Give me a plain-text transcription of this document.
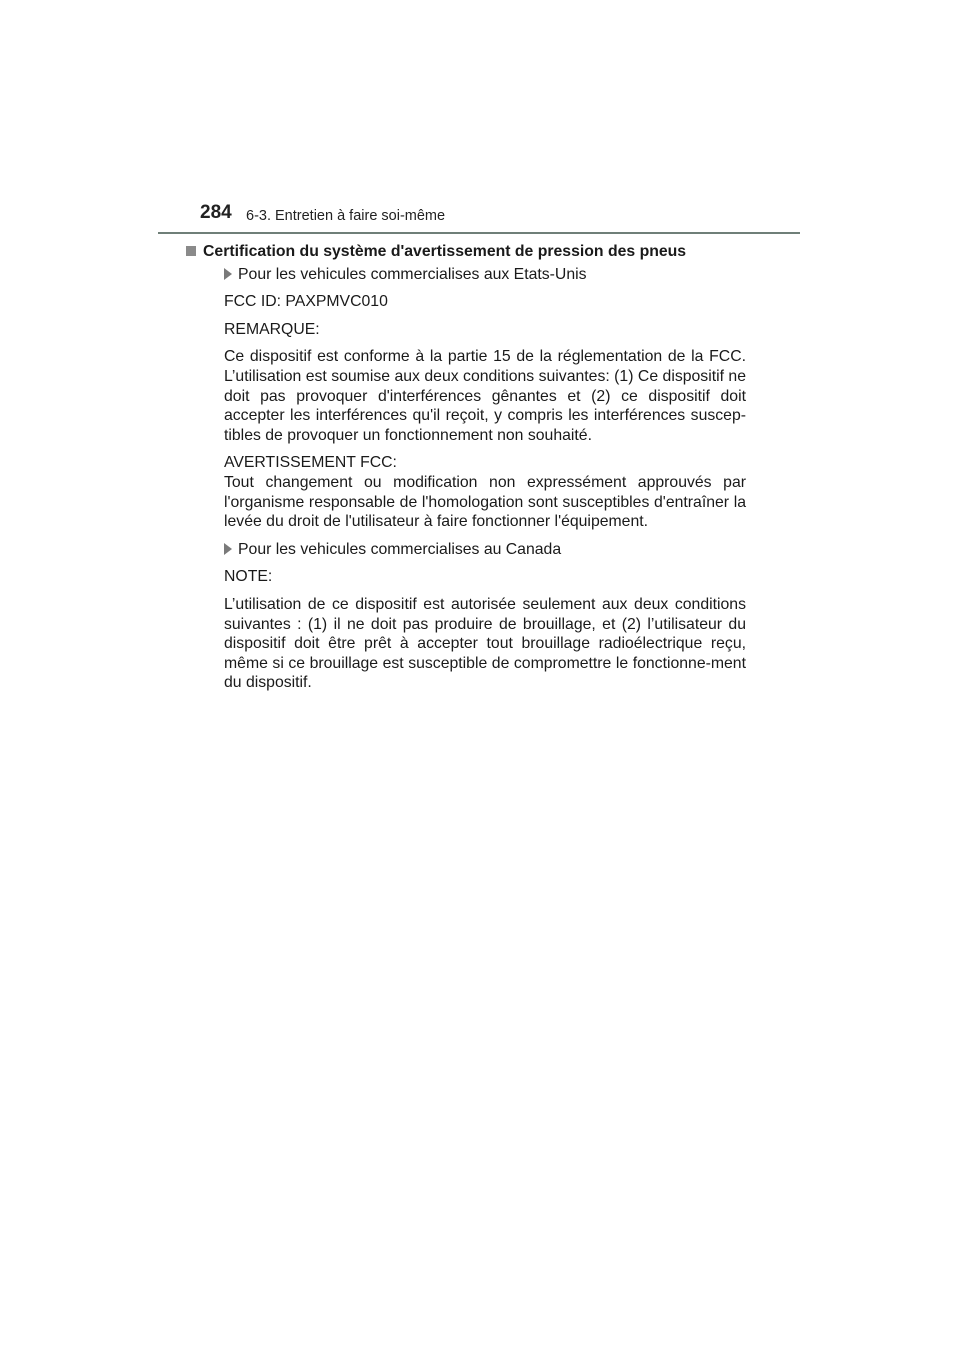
284 6-3. Entretien à faire soi-même
Certification du système d'avertissement de pression des pneus
Pour les vehicules commercialises aux Etats-Unis

FCC ID: PAXPMVC010

REMARQUE:

Ce dispositif est conforme à la partie 15 de la réglementation de la FCC. L’utilisation est soumise aux deux conditions suivantes: (1) Ce dispositif ne doit pas provoquer d'interférences gênantes et (2) ce dispositif doit accepter les interférences qu'il reçoit, y compris les interférences suscep-tibles de provoquer un fonctionnement non souhaité.

AVERTISSEMENT FCC:

Tout changement ou modification non expressément approuvés par l'organisme responsable de l'homologation sont susceptibles d'entraîner la levée du droit de l'utilisateur à faire fonctionner l'équipement.

Pour les vehicules commercialises au Canada

NOTE:

L’utilisation de ce dispositif est autorisée seulement aux deux conditions suivantes : (1) il ne doit pas produire de brouillage, et (2) l’utilisateur du dispositif doit être prêt à accepter tout brouillage radioélectrique reçu, même si ce brouillage est susceptible de compromettre le fonctionne-ment du dispositif.
